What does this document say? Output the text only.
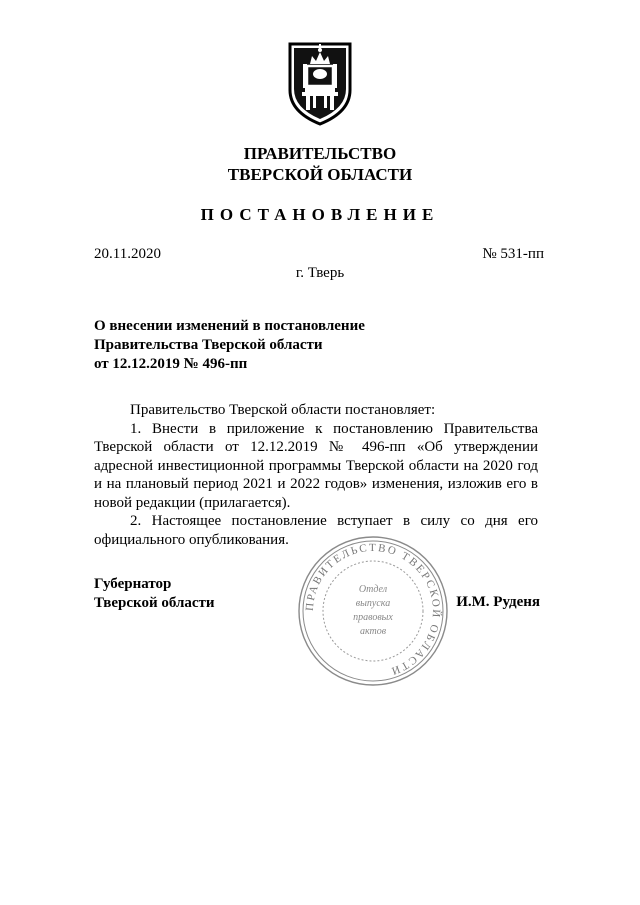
ПРАВИТЕЛЬСТВО
ТВЕРСКОЙ ОБЛАСТИ
ПОСТАНОВЛЕНИЕ
20.11.2020	№ 531-пп
г. Тверь
О внесении изменений в постановление
Правительства Тверской области
от 12.12.2019 № 496-пп

Правительство Тверской области постановляет:

1. Внести в приложение к постановлению Правительства Тверской области от 12.12.2019 № 496-пп «Об утверждении адресной инвестиционной программы Тверской области на 2020 год и на плановый период 2021 и 2022 годов» изменения, изложив его в новой редакции (прилагается).

2. Настоящее постановление вступает в силу со дня его официального опубликования.

ПРАВИТЕЛЬСТВО ТВЕРСКОЙ ОБЛАСТИ
Отдел
выпуска
правовых
актов
Губернатор
Тверской области	И.М. Руденя
